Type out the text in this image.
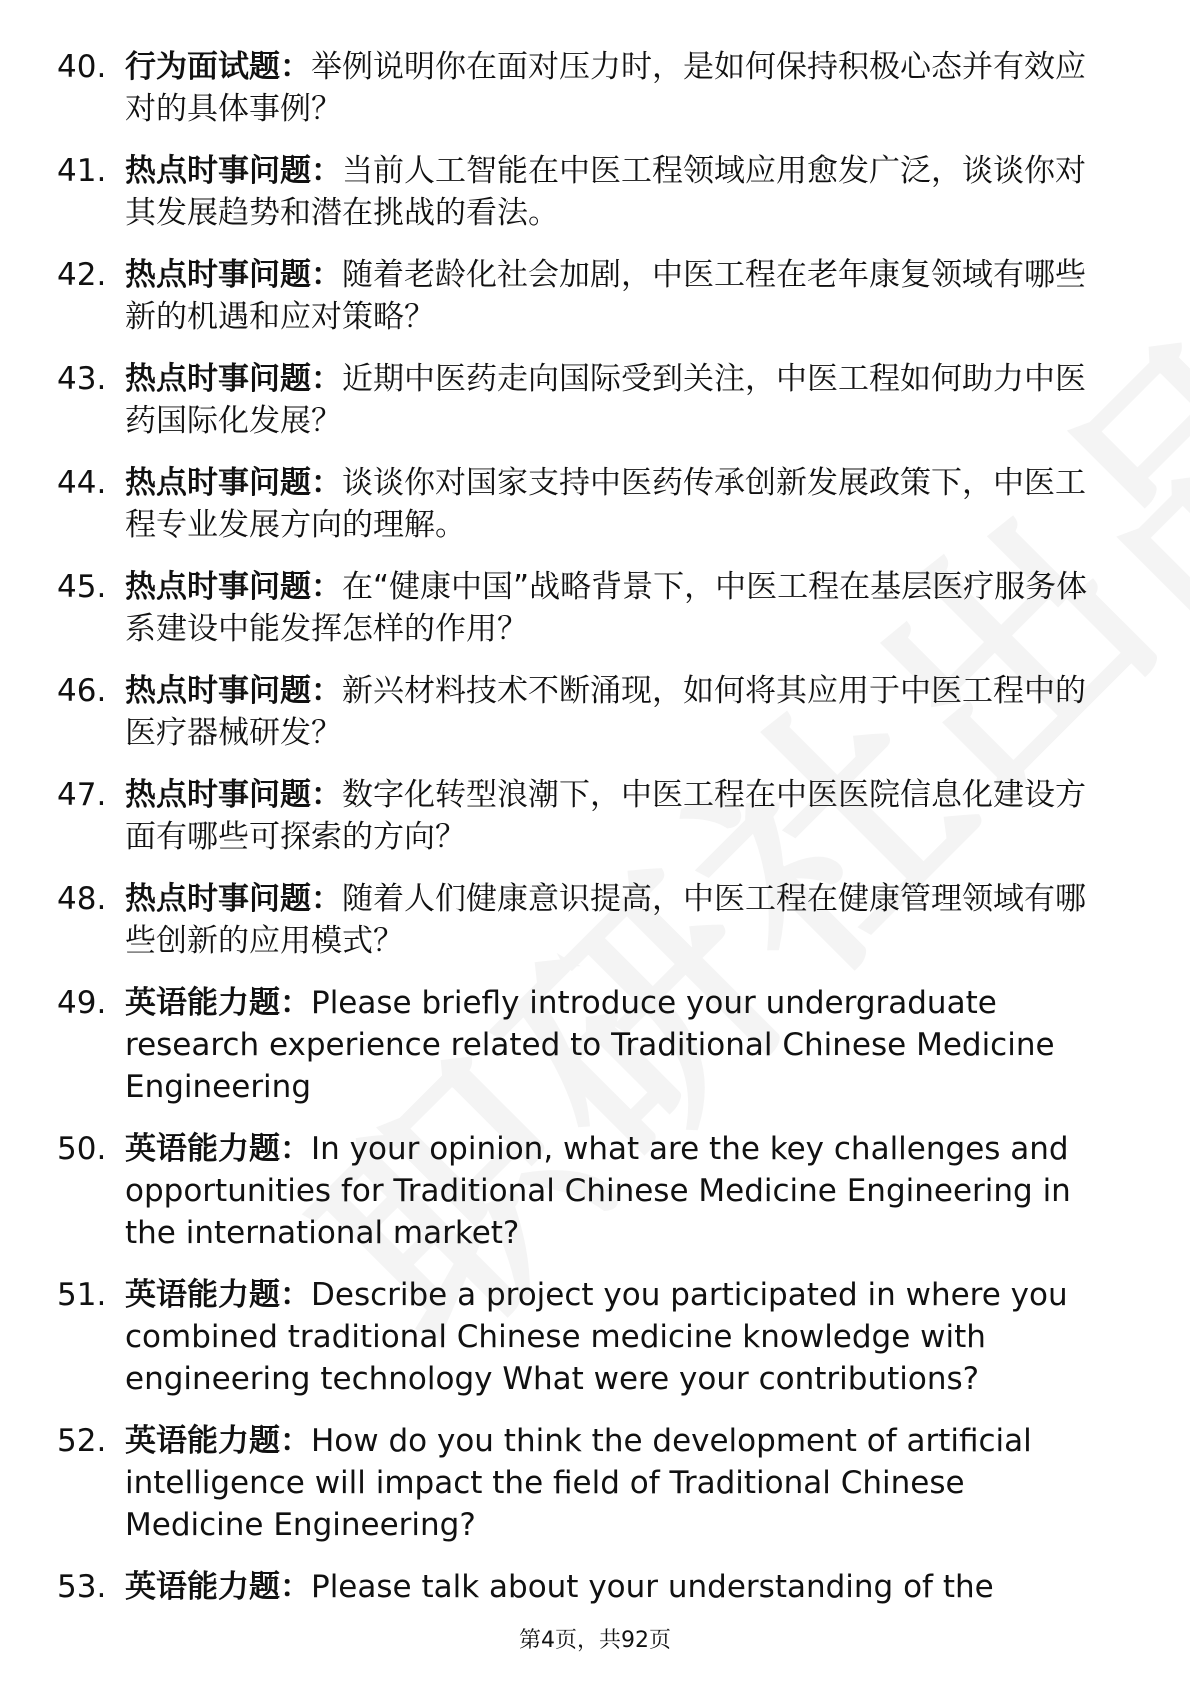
40. 行为面试题：举例说明你在面对压力时，是如何保持积极心态并有效应对的具体事例？
41. 热点时事问题：当前人工智能在中医工程领域应用愈发广泛，谈谈你对其发展趋势和潜在挑战的看法。
42. 热点时事问题：随着老龄化社会加剧，中医工程在老年康复领域有哪些新的机遇和应对策略？
43. 热点时事问题：近期中医药走向国际受到关注，中医工程如何助力中医药国际化发展？
44. 热点时事问题：谈谈你对国家支持中医药传承创新发展政策下，中医工程专业发展方向的理解。
45. 热点时事问题：在“健康中国”战略背景下，中医工程在基层医疗服务体系建设中能发挥怎样的作用？
46. 热点时事问题：新兴材料技术不断涌现，如何将其应用于中医工程中的医疗器械研发？
47. 热点时事问题：数字化转型浪潮下，中医工程在中医医院信息化建设方面有哪些可探索的方向？
48. 热点时事问题：随着人们健康意识提高，中医工程在健康管理领域有哪些创新的应用模式？
49. 英语能力题：Please briefly introduce your undergraduate research experience related to Traditional Chinese Medicine Engineering
50. 英语能力题：In your opinion, what are the key challenges and opportunities for Traditional Chinese Medicine Engineering in the international market?
51. 英语能力题：Describe a project you participated in where you combined traditional Chinese medicine knowledge with engineering technology What were your contributions?
52. 英语能力题：How do you think the development of artificial intelligence will impact the field of Traditional Chinese Medicine Engineering?
53. 英语能力题：Please talk about your understanding of the
第4页，共92页
